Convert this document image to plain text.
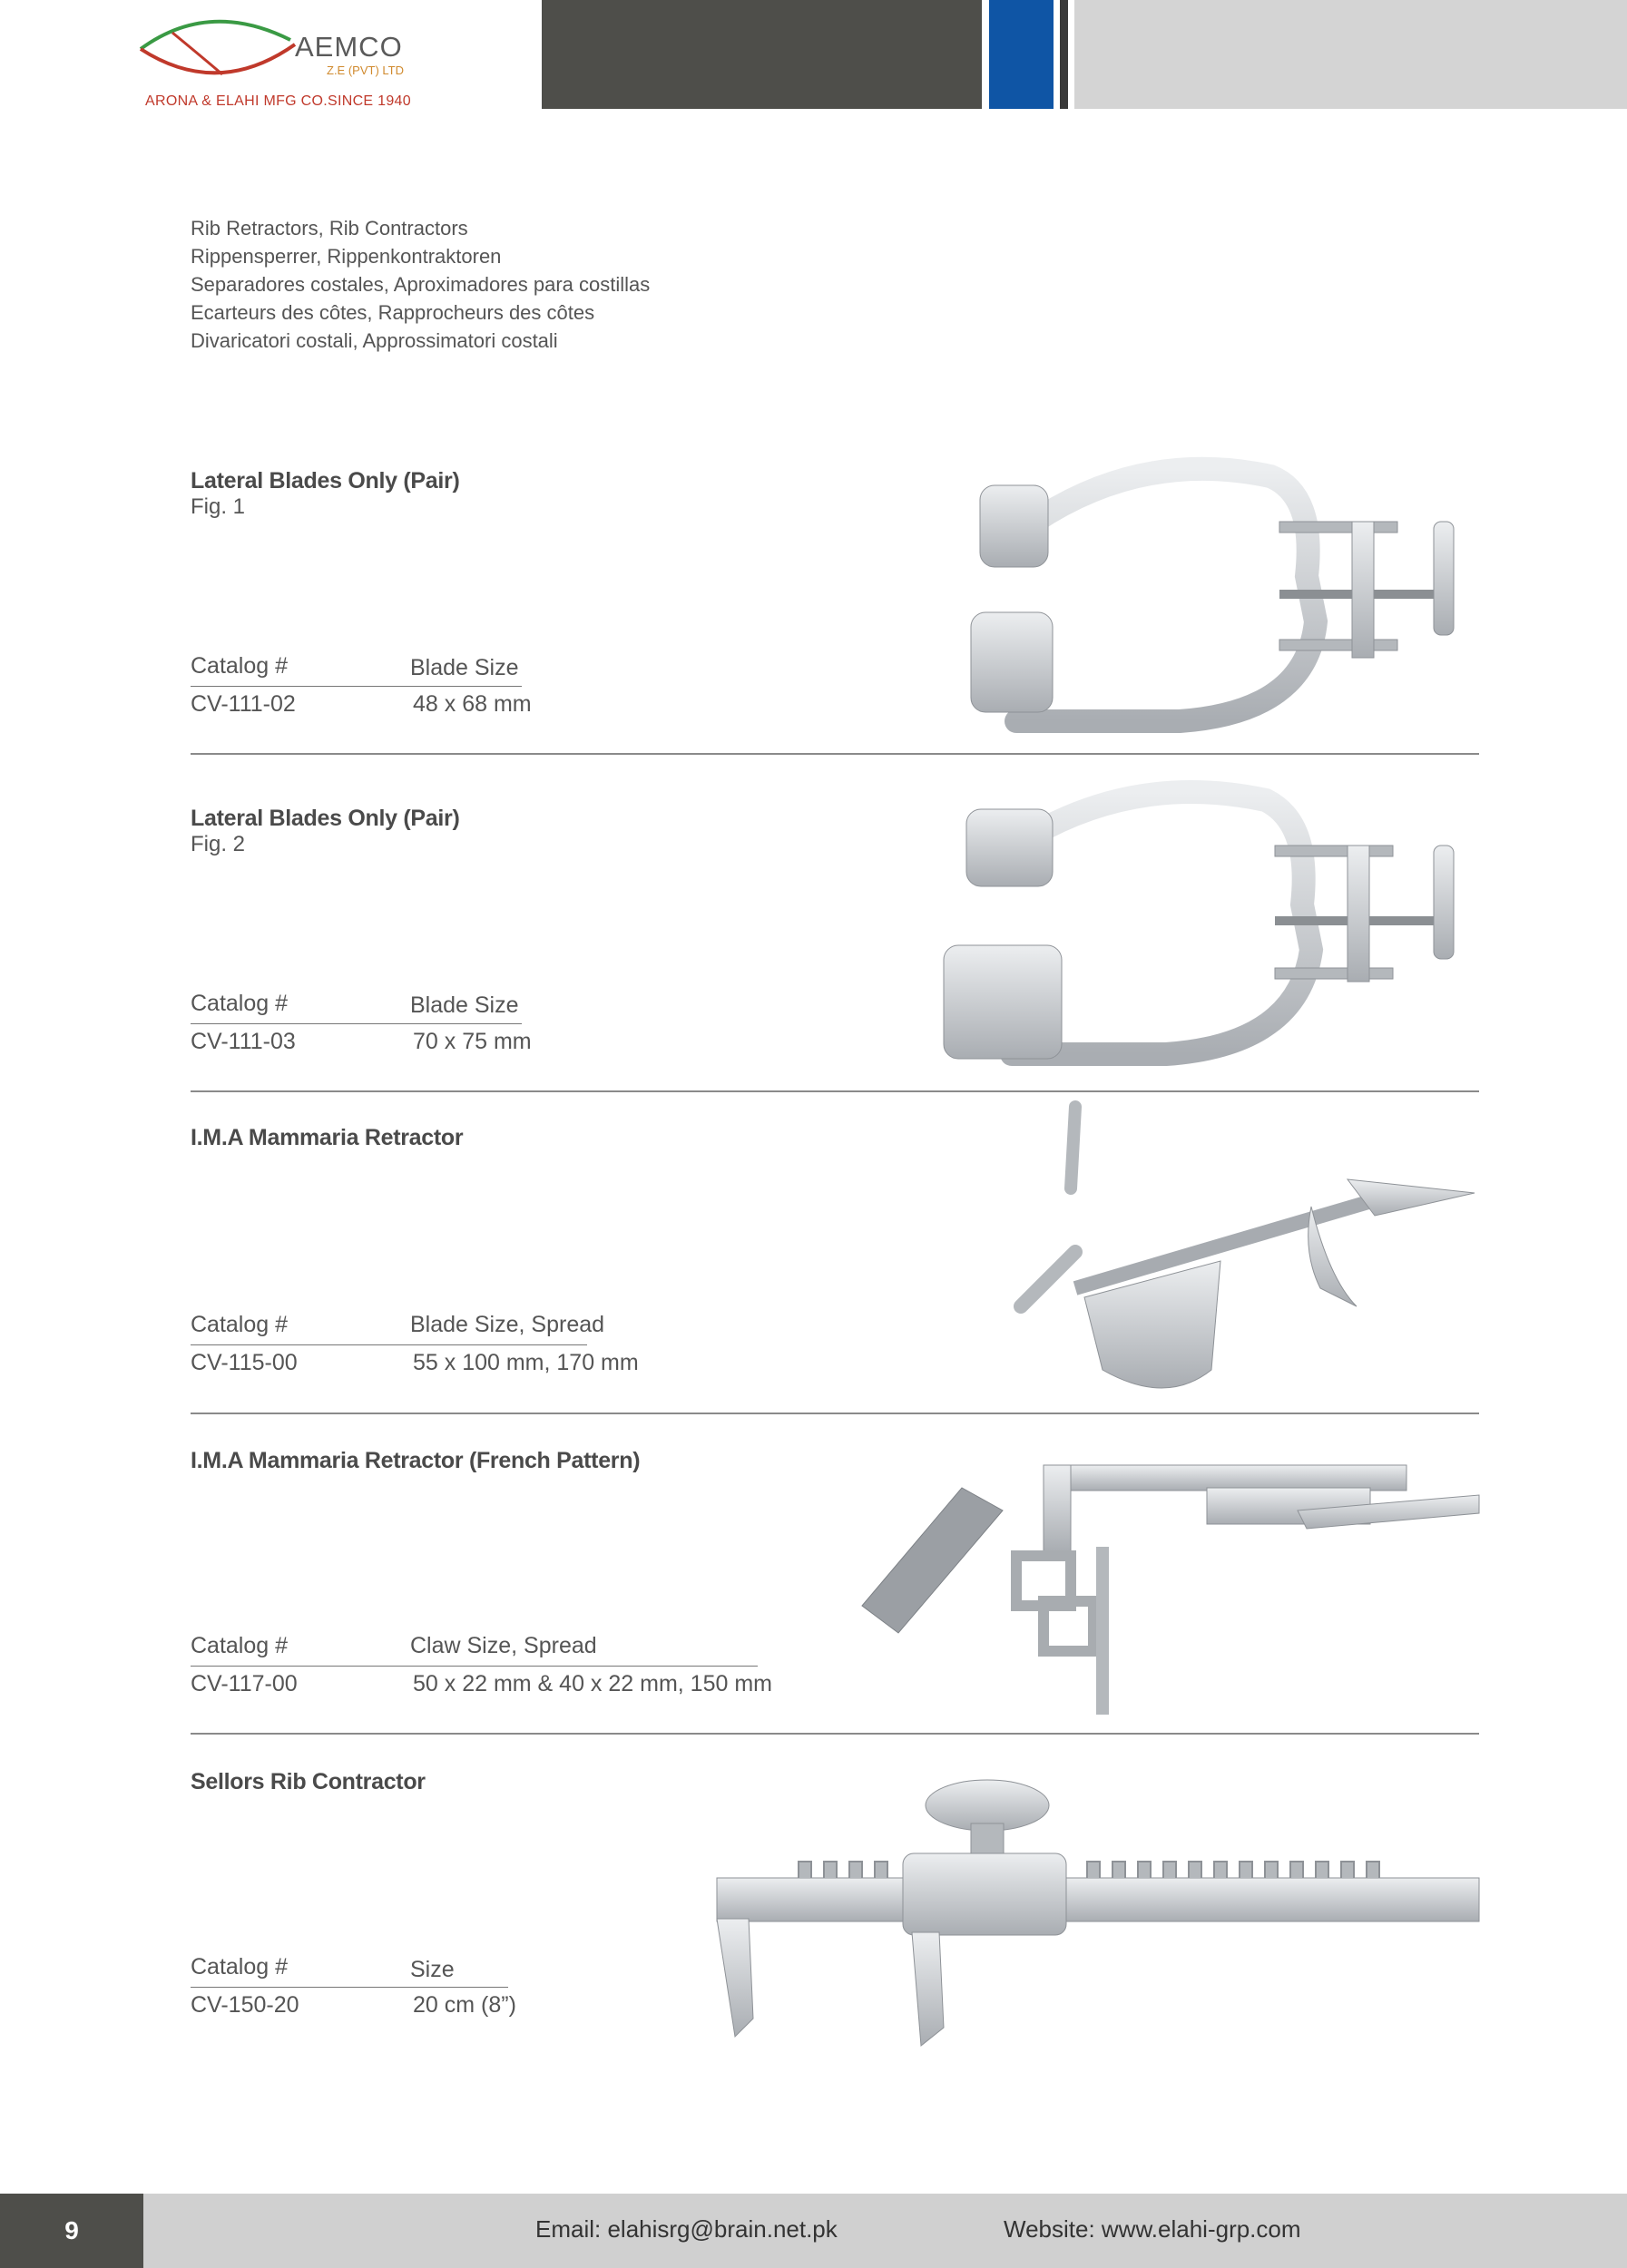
AEMCO
Z.E (PVT) LTD
ARONA & ELAHI MFG CO.SINCE 1940
Rib Retractors, Rib Contractors
Rippensperrer, Rippenkontraktoren
Separadores costales, Aproximadores para costillas
Ecarteurs des côtes, Rapprocheurs des côtes
Divaricatori costali, Approssimatori costali
Lateral Blades Only (Pair)
Fig. 1
Catalog #	Blade Size
CV-111-02	48 x 68 mm
Lateral Blades Only (Pair)
Fig. 2
Catalog #	Blade Size
CV-111-03	70 x 75 mm
I.M.A Mammaria Retractor
Catalog #	Blade Size, Spread
CV-115-00	55 x 100 mm, 170 mm
I.M.A Mammaria Retractor (French Pattern)
Catalog #	Claw Size, Spread
CV-117-00	50 x 22 mm & 40 x 22 mm, 150 mm
Sellors Rib Contractor
Catalog #	Size
CV-150-20	20 cm (8”)
9	Email: elahisrg@brain.net.pk	Website: www.elahi-grp.com
